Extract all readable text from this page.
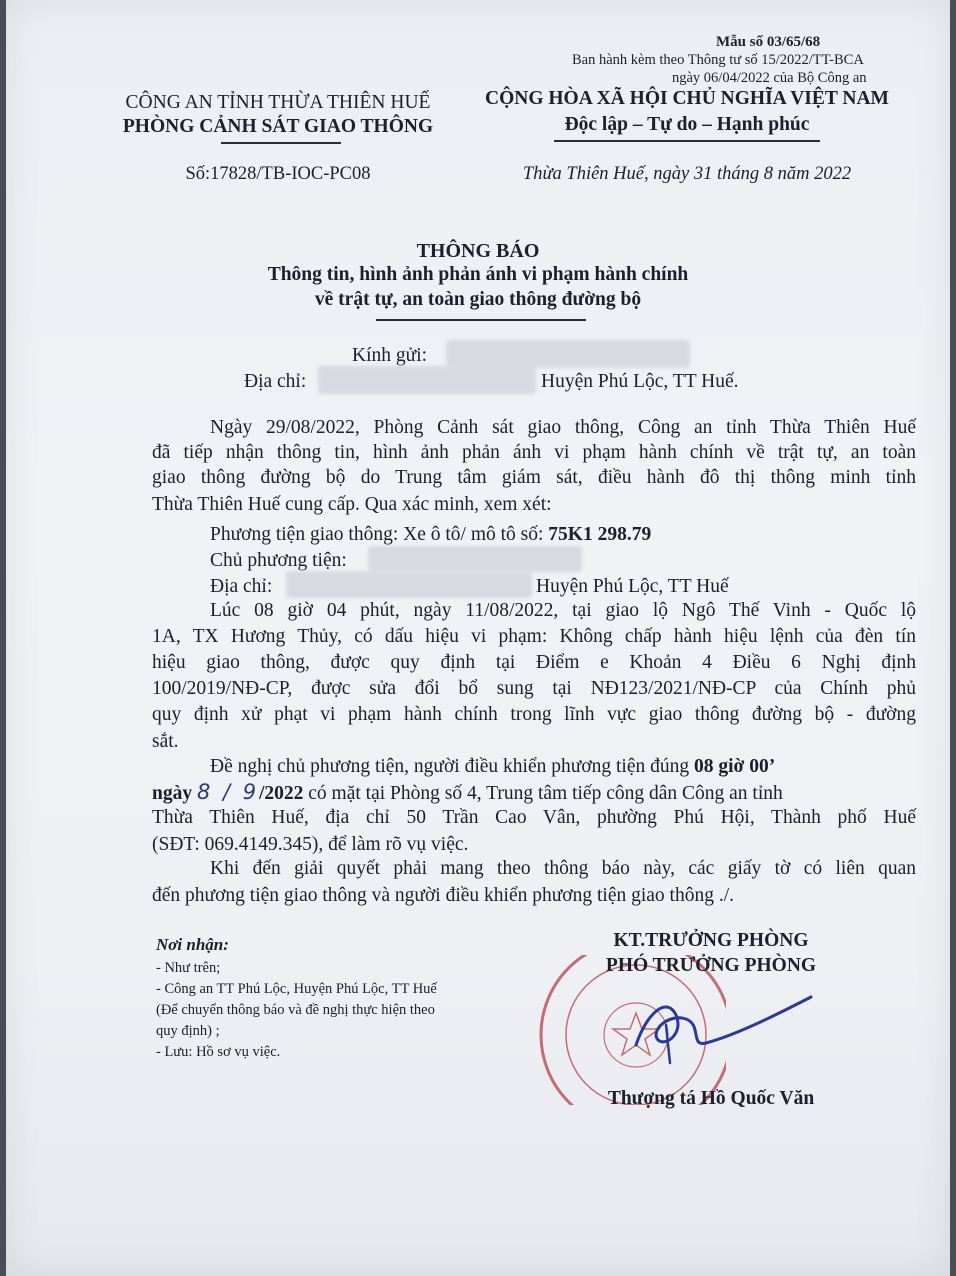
Mẫu số 03/65/68
Ban hành kèm theo Thông tư số 15/2022/TT-BCA
ngày 06/04/2022 của Bộ Công an
CÔNG AN TỈNH THỪA THIÊN HUẾ
PHÒNG CẢNH SÁT GIAO THÔNG
Số:17828/TB-IOC-PC08
CỘNG HÒA XÃ HỘI CHỦ NGHĨA VIỆT NAM
Độc lập – Tự do – Hạnh phúc
Thừa Thiên Huế, ngày 31 tháng 8 năm 2022
THÔNG BÁO
Thông tin, hình ảnh phản ánh vi phạm hành chính
về trật tự, an toàn giao thông đường bộ
Kính gửi:
Địa chỉ:	Huyện Phú Lộc, TT Huế.
Ngày 29/08/2022, Phòng Cảnh sát giao thông, Công an tỉnh Thừa Thiên Huế
đã tiếp nhận thông tin, hình ảnh phản ánh vi phạm hành chính về trật tự, an toàn
giao thông đường bộ do Trung tâm giám sát, điều hành đô thị thông minh tỉnh
Thừa Thiên Huế cung cấp. Qua xác minh, xem xét:
Phương tiện giao thông: Xe ô tô/ mô tô số: 75K1 298.79
Chủ phương tiện:
Địa chỉ:	Huyện Phú Lộc, TT Huế
Lúc 08 giờ 04 phút, ngày 11/08/2022, tại giao lộ Ngô Thế Vinh - Quốc lộ
1A, TX Hương Thủy, có dấu hiệu vi phạm: Không chấp hành hiệu lệnh của đèn tín
hiệu giao thông, được quy định tại Điểm e Khoản 4 Điều 6 Nghị định
100/2019/NĐ-CP, được sửa đổi bổ sung tại NĐ123/2021/NĐ-CP của Chính phủ
quy định xử phạt vi phạm hành chính trong lĩnh vực giao thông đường bộ - đường
sắt.
Đề nghị chủ phương tiện, người điều khiển phương tiện đúng 08 giờ 00’
ngày 8 / 9/2022 có mặt tại Phòng số 4, Trung tâm tiếp công dân Công an tỉnh
Thừa Thiên Huế, địa chỉ 50 Trần Cao Vân, phường Phú Hội, Thành phố Huế
(SĐT: 069.4149.345), để làm rõ vụ việc.
Khi đến giải quyết phải mang theo thông báo này, các giấy tờ có liên quan
đến phương tiện giao thông và người điều khiển phương tiện giao thông ./.
Nơi nhận:
- Như trên;
- Công an TT Phú Lộc, Huyện Phú Lộc, TT Huế
(Để chuyển thông báo và đề nghị thực hiện theo
quy định) ;
- Lưu: Hồ sơ vụ việc.
KT.TRƯỞNG PHÒNG
PHÓ TRƯỞNG PHÒNG
Thượng tá Hồ Quốc Văn
